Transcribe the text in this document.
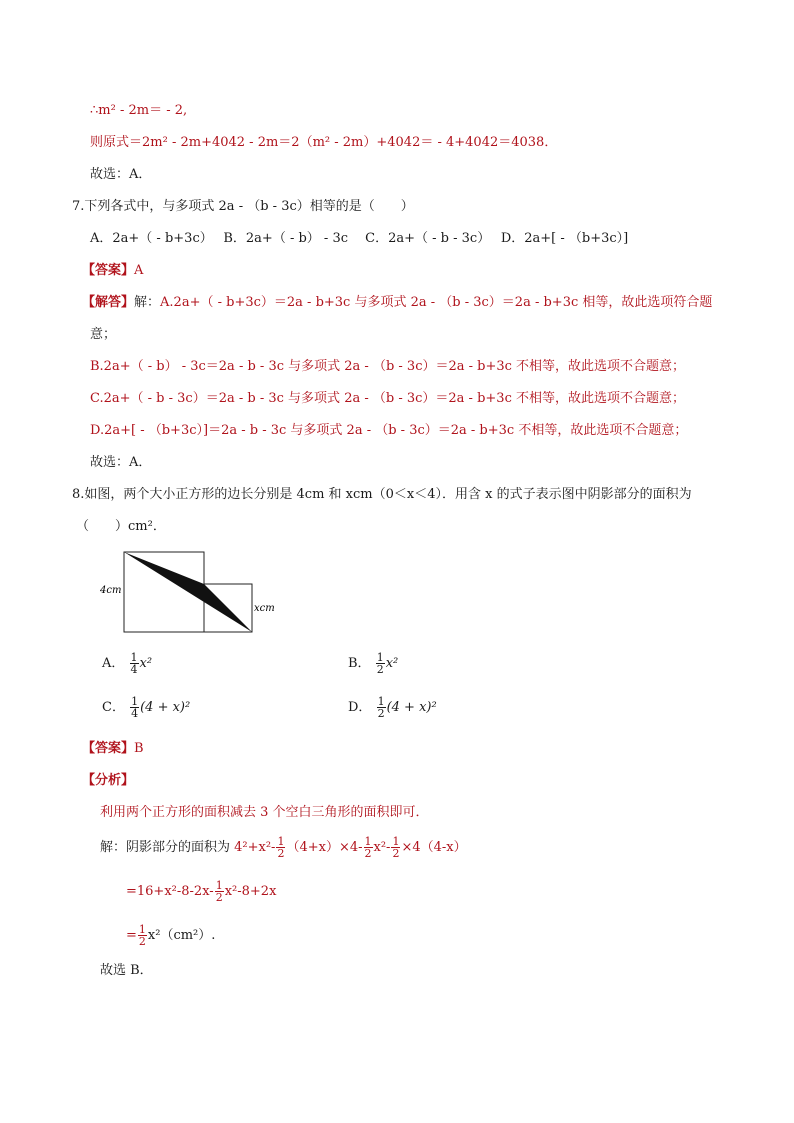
∴m² - 2m＝ - 2,
则原式＝2m² - 2m+4042 - 2m＝2（m² - 2m）+4042＝ - 4+4042＝4038．
故选：A．
7.下列各式中，与多项式 2a - （b - 3c）相等的是（　　）
A．2a+（ - b+3c）　 B．2a+（ - b） - 3c　 C．2a+（ - b - 3c）　 D．2a+[ - （b+3c）]
【答案】A
【解答】解：A.2a+（ - b+3c）＝2a - b+3c 与多项式 2a - （b - 3c）＝2a - b+3c 相等，故此选项符合题
意；
B.2a+（ - b） - 3c＝2a - b - 3c 与多项式 2a - （b - 3c）＝2a - b+3c 不相等，故此选项不合题意；
C.2a+（ - b - 3c）＝2a - b - 3c 与多项式 2a - （b - 3c）＝2a - b+3c 不相等，故此选项不合题意；
D.2a+[ - （b+3c）]＝2a - b - 3c 与多项式 2a - （b - 3c）＝2a - b+3c 不相等，故此选项不合题意；
故选：A．
8.如图，两个大小正方形的边长分别是 4cm 和 xcm（0＜x＜4）．用含 x 的式子表示图中阴影部分的面积为
（　　）cm²．
4cm
xcm
A． $\frac{1}{4} x^2$	B． $\frac{1}{2} x^2$
C． $\frac{1}{4} (4 + x)^2$	D． $\frac{1}{2} (4 + x)^2$
【答案】B
【分析】
利用两个正方形的面积减去 3 个空白三角形的面积即可．
解：阴影部分的面积为 $4^2+x^2- \frac{1}{2} (4+x)\times 4- \frac{1}{2} x^2- \frac{1}{2} \times 4(4-x)$
$=16+x^2-8-2x- \frac{1}{2} x^2-8+2x$
= $\frac{1}{2} x^2(cm^2)$.
故选 B．
